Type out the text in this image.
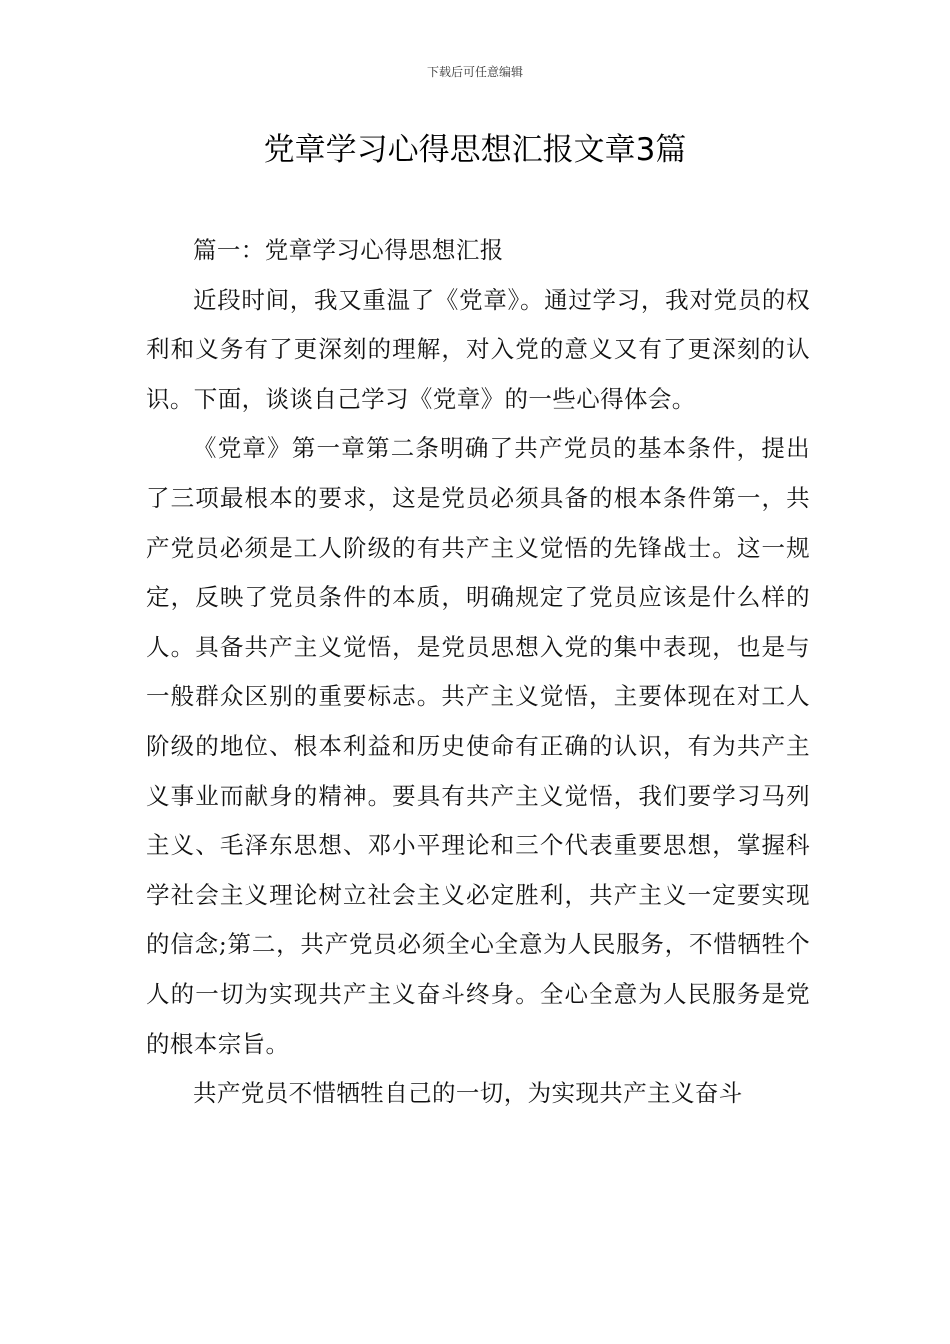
下载后可任意编辑
党章学习心得思想汇报文章3篇

篇一：党章学习心得思想汇报

近段时间，我又重温了《党章》。通过学习，我对党员的权利和义务有了更深刻的理解，对入党的意义又有了更深刻的认识。下面，谈谈自己学习《党章》的一些心得体会。

《党章》第一章第二条明确了共产党员的基本条件，提出了三项最根本的要求，这是党员必须具备的根本条件第一，共产党员必须是工人阶级的有共产主义觉悟的先锋战士。这一规定，反映了党员条件的本质，明确规定了党员应该是什么样的人。具备共产主义觉悟，是党员思想入党的集中表现，也是与一般群众区别的重要标志。共产主义觉悟，主要体现在对工人阶级的地位、根本利益和历史使命有正确的认识，有为共产主义事业而献身的精神。要具有共产主义觉悟，我们要学习马列主义、毛泽东思想、邓小平理论和三个代表重要思想，掌握科学社会主义理论树立社会主义必定胜利，共产主义一定要实现的信念;第二，共产党员必须全心全意为人民服务，不惜牺牲个人的一切为实现共产主义奋斗终身。全心全意为人民服务是党的根本宗旨。

共产党员不惜牺牲自己的一切，为实现共产主义奋斗
